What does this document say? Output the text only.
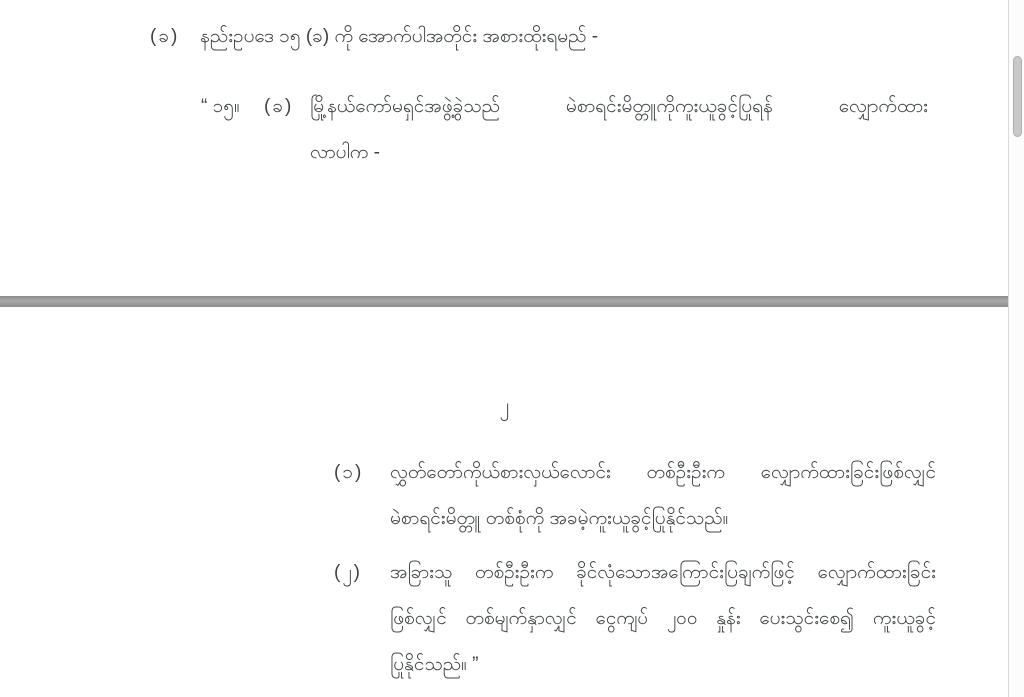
(ခ) နည်းဥပဒေ ၁၅ (ခ) ကို အောက်ပါအတိုင်း အစားထိုးရမည် -
“ ၁၅။ (ခ) မြို့နယ်ကော်မရှင်အဖွဲ့ခွဲသည် မဲစာရင်းမိတ္တူကိုကူးယူခွင့်ပြုရန် လျှောက်ထား
လာပါက -
၂
(၁) လွှတ်တော်ကိုယ်စားလှယ်လောင်း တစ်ဦးဦးက လျှောက်ထားခြင်းဖြစ်လျှင်
မဲစာရင်းမိတ္တူ တစ်စုံကို အခမဲ့ကူးယူခွင့်ပြုနိုင်သည်။
(၂) အခြားသူ တစ်ဦးဦးက ခိုင်လုံသောအကြောင်းပြချက်ဖြင့် လျှောက်ထားခြင်း
ဖြစ်လျှင် တစ်မျက်နှာလျှင် ငွေကျပ် ၂၀၀ နှုန်း ပေးသွင်းစေ၍ ကူးယူခွင့်
ပြုနိုင်သည်။ ”
